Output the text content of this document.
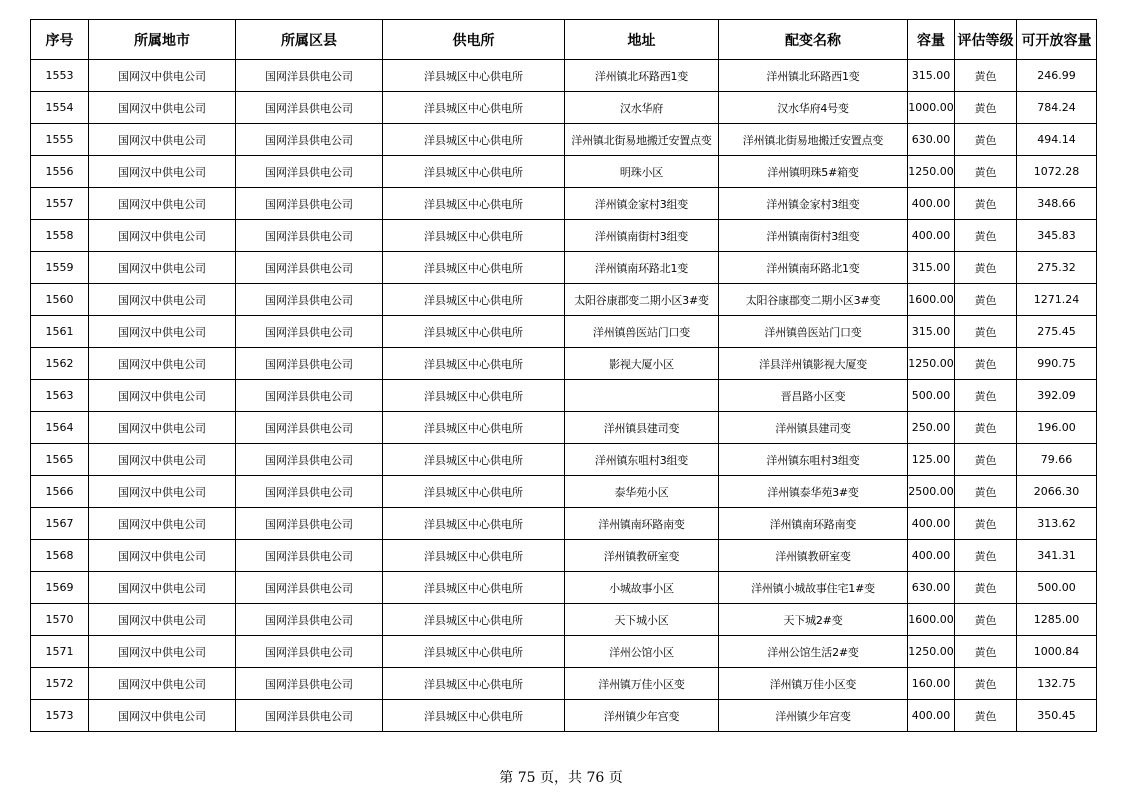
序号	所属地市	所属区县	供电所	地址	配变名称	容量	评估等级	可开放容量
1553	国网汉中供电公司	国网洋县供电公司	洋县城区中心供电所	洋州镇北环路西1变	洋州镇北环路西1变	315.00	黄色	246.99
1554	国网汉中供电公司	国网洋县供电公司	洋县城区中心供电所	汉水华府	汉水华府4号变	1000.00	黄色	784.24
1555	国网汉中供电公司	国网洋县供电公司	洋县城区中心供电所	洋州镇北街易地搬迁安置点变	洋州镇北街易地搬迁安置点变	630.00	黄色	494.14
1556	国网汉中供电公司	国网洋县供电公司	洋县城区中心供电所	明珠小区	洋州镇明珠5#箱变	1250.00	黄色	1072.28
1557	国网汉中供电公司	国网洋县供电公司	洋县城区中心供电所	洋州镇金家村3组变	洋州镇金家村3组变	400.00	黄色	348.66
1558	国网汉中供电公司	国网洋县供电公司	洋县城区中心供电所	洋州镇南街村3组变	洋州镇南街村3组变	400.00	黄色	345.83
1559	国网汉中供电公司	国网洋县供电公司	洋县城区中心供电所	洋州镇南环路北1变	洋州镇南环路北1变	315.00	黄色	275.32
1560	国网汉中供电公司	国网洋县供电公司	洋县城区中心供电所	太阳谷康郡变二期小区3#变	太阳谷康郡变二期小区3#变	1600.00	黄色	1271.24
1561	国网汉中供电公司	国网洋县供电公司	洋县城区中心供电所	洋州镇兽医站门口变	洋州镇兽医站门口变	315.00	黄色	275.45
1562	国网汉中供电公司	国网洋县供电公司	洋县城区中心供电所	影视大厦小区	洋县洋州镇影视大厦变	1250.00	黄色	990.75
1563	国网汉中供电公司	国网洋县供电公司	洋县城区中心供电所		晋昌路小区变	500.00	黄色	392.09
1564	国网汉中供电公司	国网洋县供电公司	洋县城区中心供电所	洋州镇县建司变	洋州镇县建司变	250.00	黄色	196.00
1565	国网汉中供电公司	国网洋县供电公司	洋县城区中心供电所	洋州镇东咀村3组变	洋州镇东咀村3组变	125.00	黄色	79.66
1566	国网汉中供电公司	国网洋县供电公司	洋县城区中心供电所	泰华苑小区	洋州镇泰华苑3#变	2500.00	黄色	2066.30
1567	国网汉中供电公司	国网洋县供电公司	洋县城区中心供电所	洋州镇南环路南变	洋州镇南环路南变	400.00	黄色	313.62
1568	国网汉中供电公司	国网洋县供电公司	洋县城区中心供电所	洋州镇教研室变	洋州镇教研室变	400.00	黄色	341.31
1569	国网汉中供电公司	国网洋县供电公司	洋县城区中心供电所	小城故事小区	洋州镇小城故事住宅1#变	630.00	黄色	500.00
1570	国网汉中供电公司	国网洋县供电公司	洋县城区中心供电所	天下城小区	天下城2#变	1600.00	黄色	1285.00
1571	国网汉中供电公司	国网洋县供电公司	洋县城区中心供电所	洋州公馆小区	洋州公馆生活2#变	1250.00	黄色	1000.84
1572	国网汉中供电公司	国网洋县供电公司	洋县城区中心供电所	洋州镇万佳小区变	洋州镇万佳小区变	160.00	黄色	132.75
1573	国网汉中供电公司	国网洋县供电公司	洋县城区中心供电所	洋州镇少年宫变	洋州镇少年宫变	400.00	黄色	350.45
第 75 页，共 76 页
